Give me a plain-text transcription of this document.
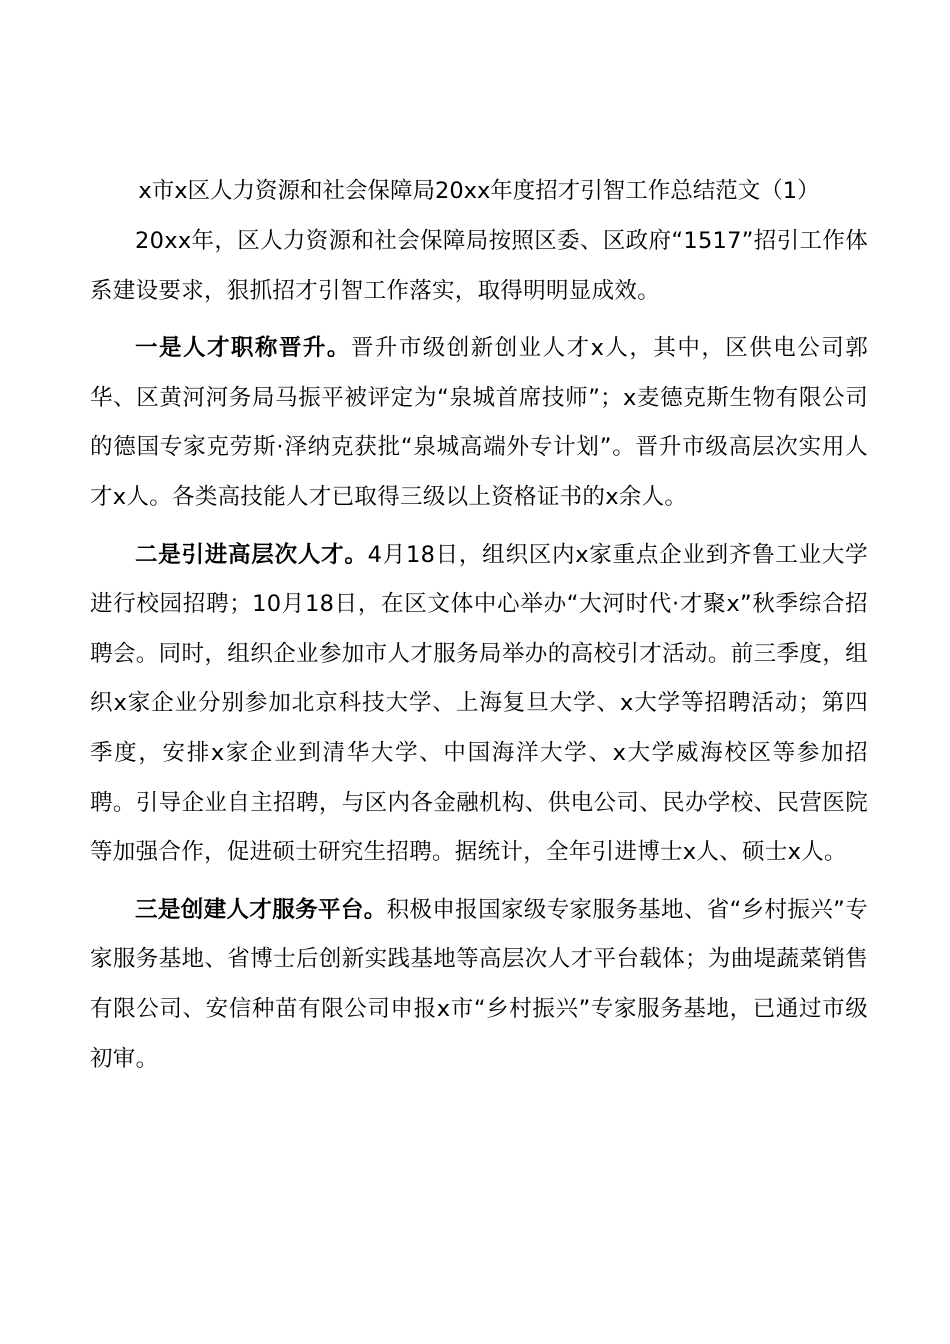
x市x区人力资源和社会保障局20xx年度招才引智工作总结范文（1）

20xx年，区人力资源和社会保障局按照区委、区政府“1517”招引工作体系建设要求，狠抓招才引智工作落实，取得明明显成效。

一是人才职称晋升。晋升市级创新创业人才x人，其中，区供电公司郭华、区黄河河务局马振平被评定为“泉城首席技师”；x麦德克斯生物有限公司的德国专家克劳斯·泽纳克获批“泉城高端外专计划”。晋升市级高层次实用人才x人。各类高技能人才已取得三级以上资格证书的x余人。

二是引进高层次人才。4月18日，组织区内x家重点企业到齐鲁工业大学进行校园招聘；10月18日，在区文体中心举办“大河时代·才聚x”秋季综合招聘会。同时，组织企业参加市人才服务局举办的高校引才活动。前三季度，组织x家企业分别参加北京科技大学、上海复旦大学、x大学等招聘活动；第四季度，安排x家企业到清华大学、中国海洋大学、x大学威海校区等参加招聘。引导企业自主招聘，与区内各金融机构、供电公司、民办学校、民营医院等加强合作，促进硕士研究生招聘。据统计，全年引进博士x人、硕士x人。

三是创建人才服务平台。积极申报国家级专家服务基地、省“乡村振兴”专家服务基地、省博士后创新实践基地等高层次人才平台载体；为曲堤蔬菜销售有限公司、安信种苗有限公司申报x市“乡村振兴”专家服务基地，已通过市级初审。
